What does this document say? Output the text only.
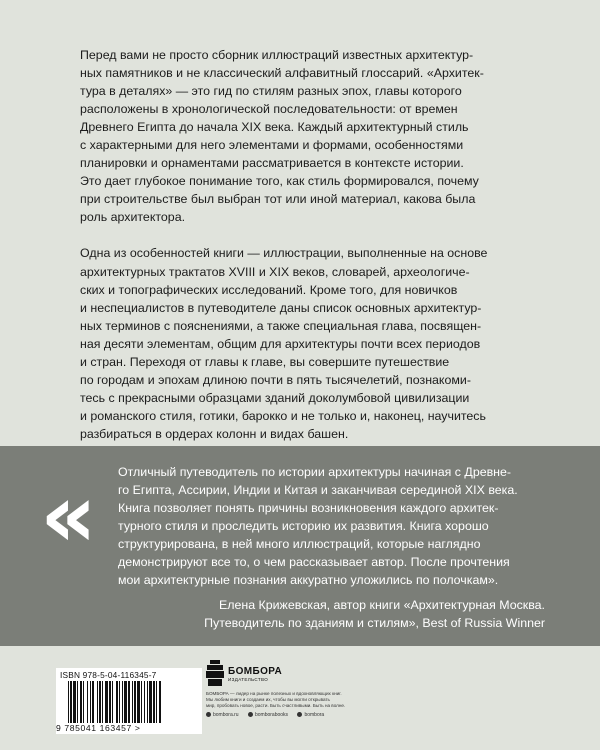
Перед вами не просто сборник иллюстраций известных архитектур-
ных памятников и не классический алфавитный глоссарий. «Архитек-
тура в деталях» — это гид по стилям разных эпох, главы которого
расположены в хронологической последовательности: от времен
Древнего Египта до начала XIX века. Каждый архитектурный стиль
с характерными для него элементами и формами, особенностями
планировки и орнаментами рассматривается в контексте истории.
Это дает глубокое понимание того, как стиль формировался, почему
при строительстве был выбран тот или иной материал, какова была
роль архитектора.

Одна из особенностей книги — иллюстрации, выполненные на основе
архитектурных трактатов XVIII и XIX веков, словарей, археологиче-
ских и топографических исследований. Кроме того, для новичков
и неспециалистов в путеводителе даны список основных архитектур-
ных терминов с пояснениями, а также специальная глава, посвящен-
ная десяти элементам, общим для архитектуры почти всех периодов
и стран. Переходя от главы к главе, вы совершите путешествие
по городам и эпохам длиною почти в пять тысячелетий, познакоми-
тесь с прекрасными образцами зданий доколумбовой цивилизации
и романского стиля, готики, барокко и не только и, наконец, научитесь
разбираться в ордерах колонн и видах башен.

« Отличный путеводитель по истории архитектуры начиная с Древне-
го Египта, Ассирии, Индии и Китая и заканчивая серединой XIX века.
Книга позволяет понять причины возникновения каждого архитек-
турного стиля и проследить историю их развития. Книга хорошо
структурирована, в ней много иллюстраций, которые наглядно
демонстрируют все то, о чем рассказывает автор. После прочтения
мои архитектурные познания аккуратно уложились по полочкам».
Елена Крижевская, автор книги «Архитектурная Москва.
Путеводитель по зданиям и стилям», Best of Russia Winner
ISBN 978-5-04-116345-7
9 785041 163457 >
БОМБОРА
ИЗДАТЕЛЬСТВО
БОМБОРА — лидер на рынке полезных и вдохновляющих книг.
Мы любим книги и создаем их, чтобы вы могли открывать
мир, пробовать новое, расти. Быть счастливыми. Быть на волне.
bombora.ru	bomborabooks	bombora
